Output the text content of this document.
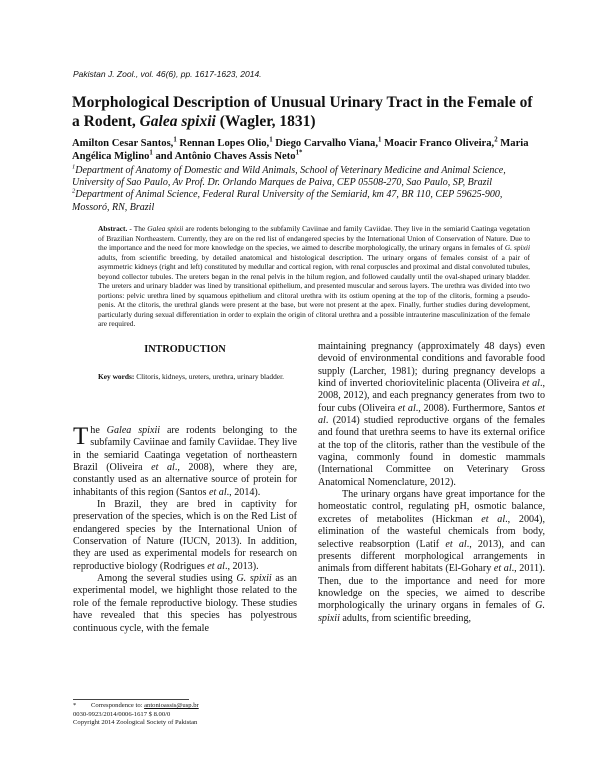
Pakistan J. Zool., vol. 46(6), pp. 1617-1623, 2014.
Morphological Description of Unusual Urinary Tract in the Female of a Rodent, Galea spixii (Wagler, 1831)
Amilton Cesar Santos,$^1$ Rennan Lopes Olio,$^1$ Diego Carvalho Viana,$^1$ Moacir Franco Oliveira,$^2$ Maria Angélica Miglino$^1$ and Antônio Chaves Assis Neto$^{1*}$

$^1$Department of Anatomy of Domestic and Wild Animals, School of Veterinary Medicine and Animal Science, University of Sao Paulo, Av Prof. Dr. Orlando Marques de Paiva, CEP 05508-270, Sao Paulo, SP, Brazil

$^2$Department of Animal Science, Federal Rural University of the Semiarid, km 47, BR 110, CEP 59625-900, Mossoró, RN, Brazil

Abstract. - The Galea spixii are rodents belonging to the subfamily Caviinae and family Caviidae. They live in the semiarid Caatinga vegetation of Brazilian Northeastern. Currently, they are on the red list of endangered species by the International Union of Conservation of Nature. Due to the importance and the need for more knowledge on the species, we aimed to describe morphologically, the urinary organs in females of G. spixii adults, from scientific breeding, by detailed anatomical and histological description. The urinary organs of females consist of a pair of asymmetric kidneys (right and left) constituted by medullar and cortical region, with renal corpuscles and proximal and distal convoluted tubules, beyond collector tubules. The ureters began in the renal pelvis in the hilum region, and followed caudally until the oval-shaped urinary bladder. The ureters and urinary bladder was lined by transitional epithelium, and presented muscular and serous layers. The urethra was divided into two portions: pelvic urethra lined by squamous epithelium and clitoral urethra with its ostium opening at the top of the clitoris, forming a pseudo-penis. At the clitoris, the urethral glands were present at the base, but were not present at the apex. Finally, further studies during development, particularly during sexual differentiation in order to explain the origin of clitoral urethra and a possible intrauterine masculinization of the female are required.
Key words: Clitoris, kidneys, ureters, urethra, urinary bladder.
INTRODUCTION

The Galea spixii are rodents belonging to the subfamily Caviinae and family Caviidae. They live in the semiarid Caatinga vegetation of northeastern Brazil (Oliveira et al., 2008), where they are, constantly used as an alternative source of protein for inhabitants of this region (Santos et al., 2014).

In Brazil, they are bred in captivity for preservation of the species, which is on the Red List of endangered species by the International Union of Conservation of Nature (IUCN, 2013). In addition, they are used as experimental models for research on reproductive biology (Rodrigues et al., 2013).

Among the several studies using G. spixii as an experimental model, we highlight those related to the role of the female reproductive biology. These studies have revealed that this species has polyestrous continuous cycle, with the female

maintaining pregnancy (approximately 48 days) even devoid of environmental conditions and favorable food supply (Larcher, 1981); during pregnancy develops a kind of inverted choriovitelinic placenta (Oliveira et al., 2008, 2012), and each pregnancy generates from two to four cubs (Oliveira et al., 2008). Furthermore, Santos et al. (2014) studied reproductive organs of the females and found that urethra seems to have its external orifice at the top of the clitoris, rather than the vestibule of the vagina, commonly found in domestic mammals (International Committee on Veterinary Gross Anatomical Nomenclature, 2012).

The urinary organs have great importance for the homeostatic control, regulating pH, osmotic balance, excretes of metabolites (Hickman et al., 2004), elimination of the wasteful chemicals from body, selective reabsorption (Latif et al., 2013), and can presents different morphological arrangements in animals from different habitats (El-Gohary et al., 2011). Then, due to the importance and need for more knowledge on the species, we aimed to describe morphologically the urinary organs in females of G. spixii adults, from scientific breeding,

* Correspondence to: antonioassis@usp.br
0030-9923/2014/0006-1617 $ 8.00/0
Copyright 2014 Zoological Society of Pakistan
